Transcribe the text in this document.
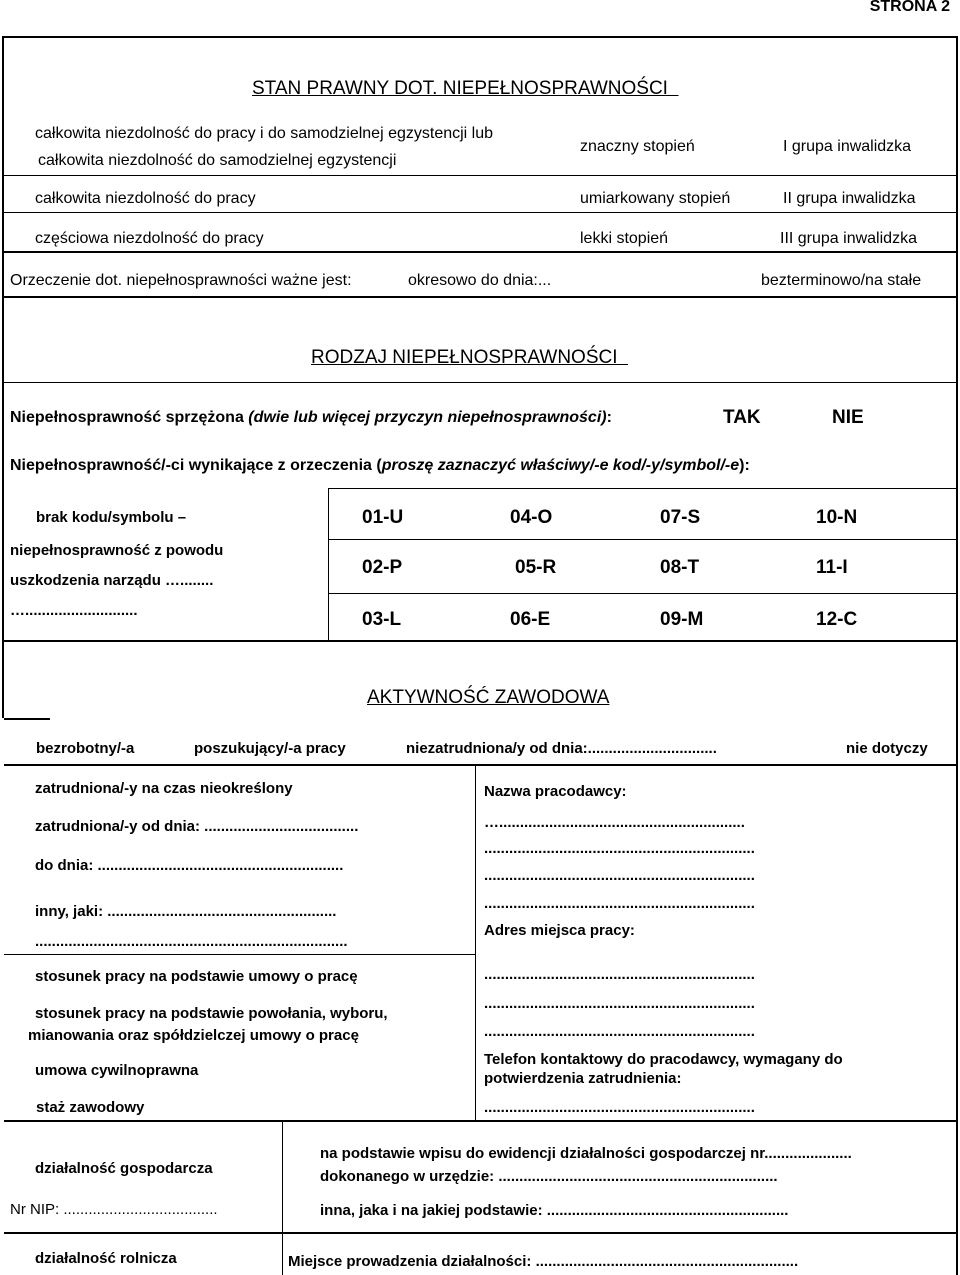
STRONA 2
STAN PRAWNY DOT. NIEPEŁNOSPRAWNOŚCI
całkowita niezdolność do pracy i do samodzielnej egzystencji lub
całkowita niezdolność do samodzielnej egzystencji
znaczny stopień	I grupa inwalidzka
całkowita niezdolność do pracy	umiarkowany stopień	II grupa inwalidzka
częściowa niezdolność do pracy	lekki stopień	III grupa inwalidzka
Orzeczenie dot. niepełnosprawności ważne jest:	okresowo do dnia:...	bezterminowo/na stałe
RODZAJ NIEPEŁNOSPRAWNOŚCI
Niepełnosprawność sprzężona (dwie lub więcej przyczyn niepełnosprawności):	TAK	NIE
Niepełnosprawność/-ci wynikające z orzeczenia (proszę zaznaczyć właściwy/-e kod/-y/symbol/-e):
brak kodu/symbolu –
niepełnosprawność z powodu
uszkodzenia narządu …........
…...........................
01-U	04-O	07-S	10-N
02-P	05-R	08-T	11-I
03-L	06-E	09-M	12-C
AKTYWNOŚĆ ZAWODOWA
bezrobotny/-a	poszukujący/-a pracy	niezatrudniona/y od dnia:...............................	nie dotyczy
zatrudniona/-y na czas nieokreślony
zatrudniona/-y od dnia: .....................................
do dnia: ...........................................................
inny, jaki: .......................................................
...........................................................................
stosunek pracy na podstawie umowy o pracę
stosunek pracy na podstawie powołania, wyboru,
mianowania oraz spółdzielczej umowy o pracę
umowa cywilnoprawna
staż zawodowy
Nazwa pracodawcy:
…...........................................................
.................................................................
.................................................................
.................................................................
Adres miejsca pracy:
.................................................................
.................................................................
.................................................................
Telefon kontaktowy do pracodawcy, wymagany do
potwierdzenia zatrudnienia:
.................................................................
działalność gospodarcza
Nr NIP: .....................................
na podstawie wpisu do ewidencji działalności gospodarczej nr.....................
dokonanego w urzędzie: ...................................................................
inna, jaka i na jakiej podstawie: ..........................................................
działalność rolnicza	Miejsce prowadzenia działalności: ...............................................................
